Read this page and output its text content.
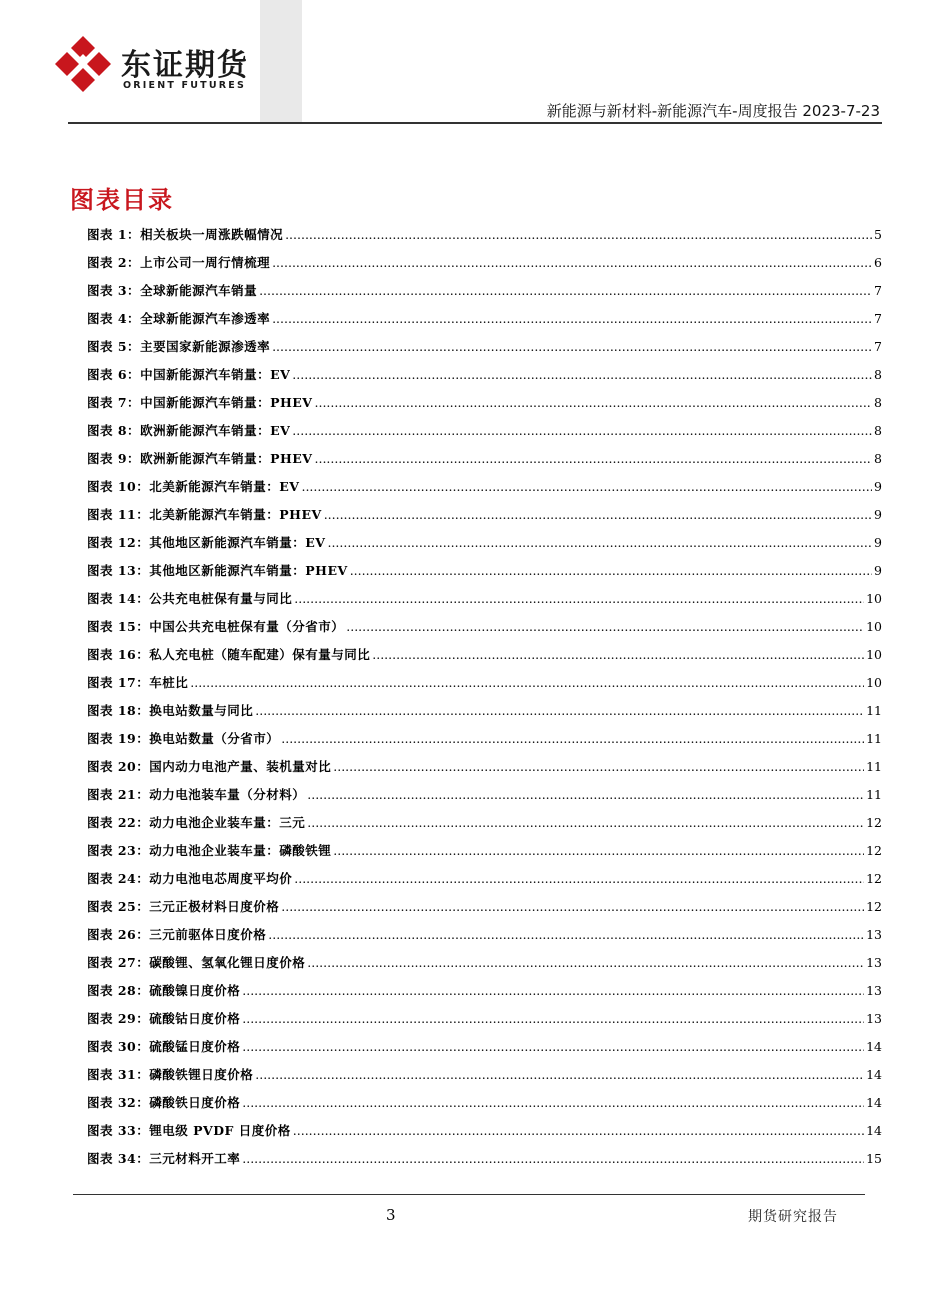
东证期货
ORIENT FUTURES
新能源与新材料-新能源汽车-周度报告 2023-7-23
图表目录
图表 1： 相关板块一周涨跌幅情况 .....	5
图表 2： 上市公司一周行情梳理 .....	6
图表 3： 全球新能源汽车销量 .....	7
图表 4： 全球新能源汽车渗透率 .....	7
图表 5： 主要国家新能源渗透率 .....	7
图表 6： 中国新能源汽车销量：EV .....	8
图表 7： 中国新能源汽车销量：PHEV .....	8
图表 8： 欧洲新能源汽车销量：EV .....	8
图表 9： 欧洲新能源汽车销量：PHEV .....	8
图表 10： 北美新能源汽车销量：EV .....	9
图表 11： 北美新能源汽车销量：PHEV .....	9
图表 12： 其他地区新能源汽车销量：EV .....	9
图表 13： 其他地区新能源汽车销量：PHEV .....	9
图表 14： 公共充电桩保有量与同比 .....	10
图表 15： 中国公共充电桩保有量（分省市） .....	10
图表 16： 私人充电桩（随车配建）保有量与同比 .....	10
图表 17： 车桩比 .....	10
图表 18： 换电站数量与同比 .....	11
图表 19： 换电站数量（分省市） .....	11
图表 20： 国内动力电池产量、装机量对比 .....	11
图表 21： 动力电池装车量（分材料） .....	11
图表 22： 动力电池企业装车量：三元 .....	12
图表 23： 动力电池企业装车量：磷酸铁锂 .....	12
图表 24： 动力电池电芯周度平均价 .....	12
图表 25： 三元正极材料日度价格 .....	12
图表 26： 三元前驱体日度价格 .....	13
图表 27： 碳酸锂、氢氧化锂日度价格 .....	13
图表 28： 硫酸镍日度价格 .....	13
图表 29： 硫酸钴日度价格 .....	13
图表 30： 硫酸锰日度价格 .....	14
图表 31： 磷酸铁锂日度价格 .....	14
图表 32： 磷酸铁日度价格 .....	14
图表 33： 锂电级 PVDF 日度价格 .....	14
图表 34： 三元材料开工率 .....	15
3	期货研究报告
